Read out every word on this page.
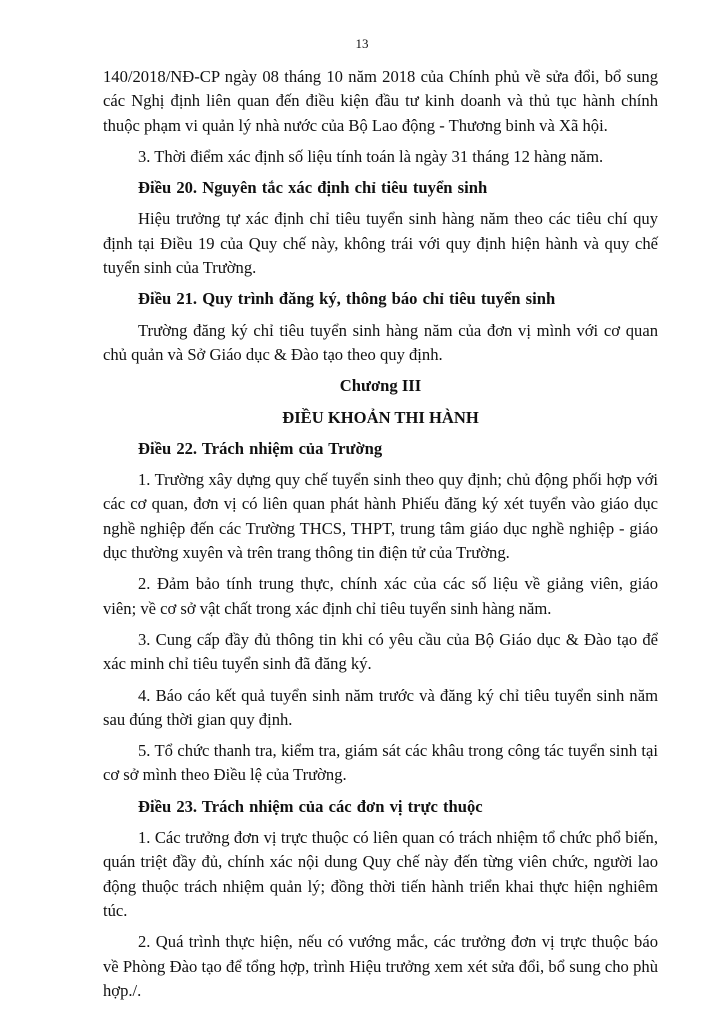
13

140/2018/NĐ-CP ngày 08 tháng 10 năm 2018 của Chính phủ về sửa đổi, bổ sung các Nghị định liên quan đến điều kiện đầu tư kinh doanh và thủ tục hành chính thuộc phạm vi quản lý nhà nước của Bộ Lao động - Thương binh và Xã hội.

3. Thời điểm xác định số liệu tính toán là ngày 31 tháng 12 hàng năm.

Điều 20. Nguyên tắc xác định chỉ tiêu tuyển sinh

Hiệu trưởng tự xác định chỉ tiêu tuyển sinh hàng năm theo các tiêu chí quy định tại Điều 19 của Quy chế này, không trái với quy định hiện hành và quy chế tuyển sinh của Trường.

Điều 21. Quy trình đăng ký, thông báo chỉ tiêu tuyển sinh

Trường đăng ký chỉ tiêu tuyển sinh hàng năm của đơn vị mình với cơ quan chủ quản và Sở Giáo dục & Đào tạo theo quy định.

Chương III

ĐIỀU KHOẢN THI HÀNH

Điều 22. Trách nhiệm của Trường

1. Trường xây dựng quy chế tuyển sinh theo quy định; chủ động phối hợp với các cơ quan, đơn vị có liên quan phát hành Phiếu đăng ký xét tuyển vào giáo dục nghề nghiệp đến các Trường THCS, THPT, trung tâm giáo dục nghề nghiệp - giáo dục thường xuyên và trên trang thông tin điện tử của Trường.

2. Đảm bảo tính trung thực, chính xác của các số liệu về giảng viên, giáo viên; về cơ sở vật chất trong xác định chỉ tiêu tuyển sinh hàng năm.

3. Cung cấp đầy đủ thông tin khi có yêu cầu của Bộ Giáo dục & Đào tạo để xác minh chỉ tiêu tuyển sinh đã đăng ký.

4. Báo cáo kết quả tuyển sinh năm trước và đăng ký chỉ tiêu tuyển sinh năm sau đúng thời gian quy định.

5. Tổ chức thanh tra, kiểm tra, giám sát các khâu trong công tác tuyển sinh tại cơ sở mình theo Điều lệ của Trường.

Điều 23. Trách nhiệm của các đơn vị trực thuộc

1. Các trưởng đơn vị trực thuộc có liên quan có trách nhiệm tổ chức phổ biến, quán triệt đầy đủ, chính xác nội dung Quy chế này đến từng viên chức, người lao động thuộc trách nhiệm quản lý; đồng thời tiến hành triển khai thực hiện nghiêm túc.

2. Quá trình thực hiện, nếu có vướng mắc, các trưởng đơn vị trực thuộc báo về Phòng Đào tạo để tổng hợp, trình Hiệu trưởng xem xét sửa đổi, bổ sung cho phù hợp./.
